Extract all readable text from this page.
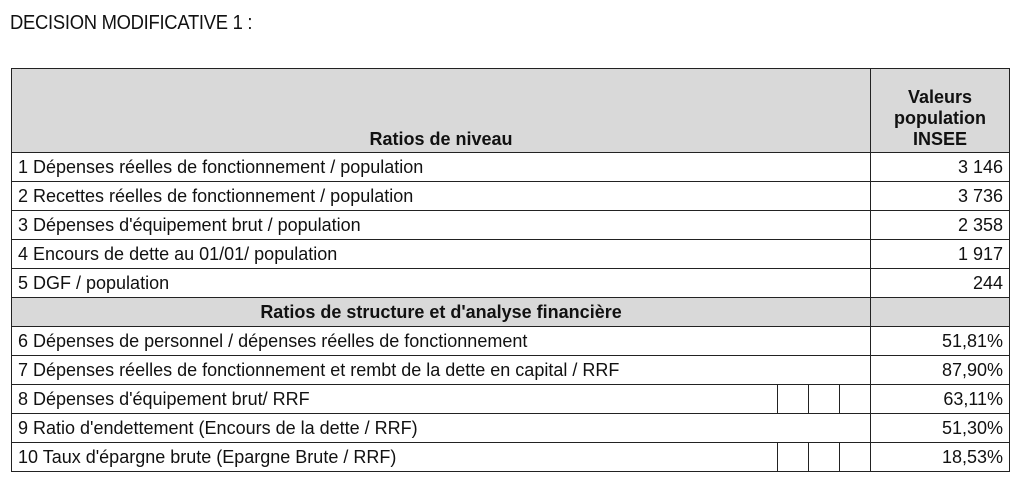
DECISION MODIFICATIVE 1 :
Ratios de niveau				Valeurs population INSEE
1 Dépenses réelles de fonctionnement / population				3 146
2 Recettes réelles de fonctionnement / population				3 736
3 Dépenses d'équipement brut / population				2 358
4 Encours de dette au 01/01/ population				1 917
5 DGF / population				244
Ratios de structure et d'analyse financière				
6 Dépenses de personnel / dépenses réelles de fonctionnement				51,81%
7 Dépenses réelles de fonctionnement et rembt de la dette en capital / RRF				87,90%
8 Dépenses d'équipement brut/ RRF				63,11%
9 Ratio d'endettement (Encours de la dette / RRF)				51,30%
10 Taux d'épargne brute (Epargne Brute / RRF)				18,53%
